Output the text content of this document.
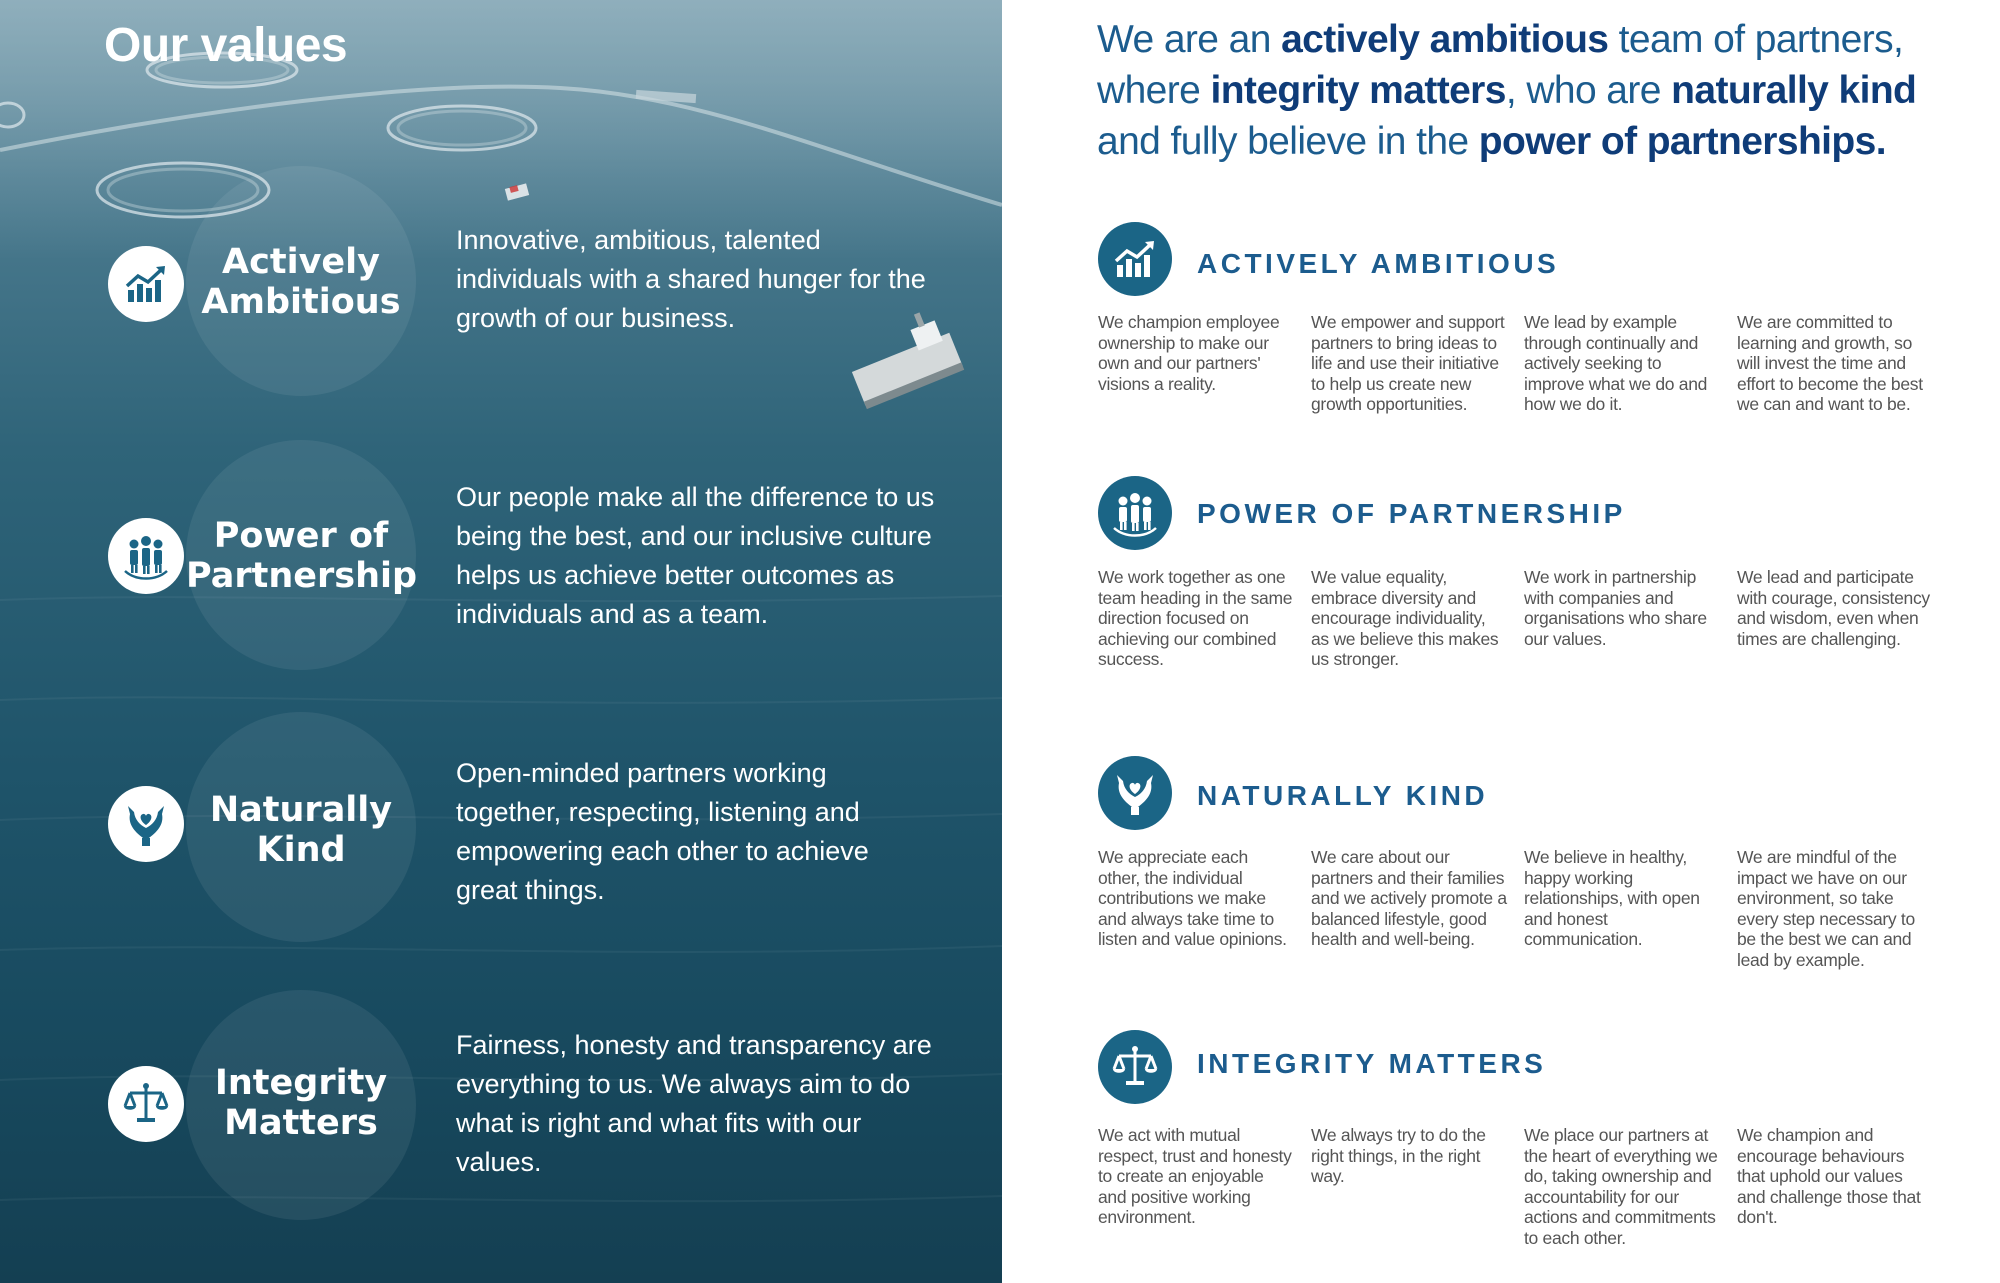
Our values
Actively
Ambitious

Innovative, ambitious, talented individuals with a shared hunger for the growth of our business.

Power of
Partnership

Our people make all the difference to us being the best, and our inclusive culture helps us achieve better outcomes as individuals and as a team.

Naturally
Kind

Open-minded partners working together, respecting, listening and empowering each other to achieve great things.

Integrity
Matters

Fairness, honesty and transparency are everything to us. We always aim to do what is right and what fits with our values.

We are an actively ambitious team of partners, where integrity matters, who are naturally kind and fully believe in the power of partnerships.

ACTIVELY AMBITIOUS

We champion employee ownership to make our own and our partners' visions a reality.

We empower and support partners to bring ideas to life and use their initiative to help us create new growth opportunities.

We lead by example through continually and actively seeking to improve what we do and how we do it.

We are committed to learning and growth, so will invest the time and effort to become the best we can and want to be.

POWER OF PARTNERSHIP

We work together as one team heading in the same direction focused on achieving our combined success.

We value equality, embrace diversity and encourage individuality, as we believe this makes us stronger.

We work in partnership with companies and organisations who share our values.

We lead and participate with courage, consistency and wisdom, even when times are challenging.

NATURALLY KIND

We appreciate each other, the individual contributions we make and always take time to listen and value opinions.

We care about our partners and their families and we actively promote a balanced lifestyle, good health and well-being.

We believe in healthy, happy working relationships, with open and honest communication.

We are mindful of the impact we have on our environment, so take every step necessary to be the best we can and lead by example.

INTEGRITY MATTERS

We act with mutual respect, trust and honesty to create an enjoyable and positive working environment.

We always try to do the right things, in the right way.

We place our partners at the heart of everything we do, taking ownership and accountability for our actions and commitments to each other.

We champion and encourage behaviours that uphold our values and challenge those that don't.
